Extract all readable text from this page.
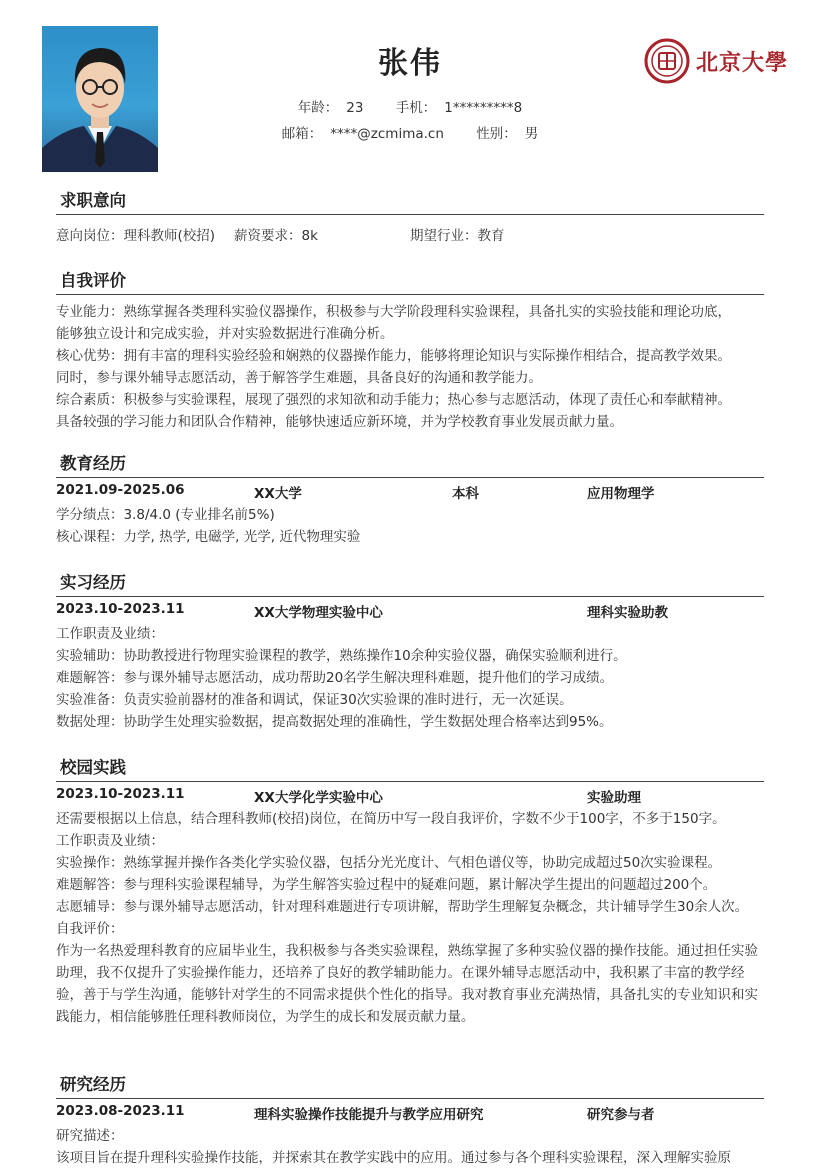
张伟
年龄： 23 手机： 1*********8
邮箱： ****@zcmima.cn 性别： 男
北京大學
求职意向
意向岗位：理科教师(校招) 薪资要求：8k	期望行业：教育
自我评价
专业能力：熟练掌握各类理科实验仪器操作，积极参与大学阶段理科实验课程，具备扎实的实验技能和理论功底，
能够独立设计和完成实验，并对实验数据进行准确分析。
核心优势：拥有丰富的理科实验经验和娴熟的仪器操作能力，能够将理论知识与实际操作相结合，提高教学效果。
同时，参与课外辅导志愿活动，善于解答学生难题，具备良好的沟通和教学能力。
综合素质：积极参与实验课程，展现了强烈的求知欲和动手能力；热心参与志愿活动，体现了责任心和奉献精神。
具备较强的学习能力和团队合作精神，能够快速适应新环境，并为学校教育事业发展贡献力量。
教育经历
2021.09-2025.06	XX大学	本科	应用物理学
学分绩点：3.8/4.0 (专业排名前5%)
核心课程：力学, 热学, 电磁学, 光学, 近代物理实验
实习经历
2023.10-2023.11	XX大学物理实验中心	理科实验助教
工作职责及业绩：
实验辅助：协助教授进行物理实验课程的教学，熟练操作10余种实验仪器，确保实验顺利进行。
难题解答：参与课外辅导志愿活动，成功帮助20名学生解决理科难题，提升他们的学习成绩。
实验准备：负责实验前器材的准备和调试，保证30次实验课的准时进行，无一次延误。
数据处理：协助学生处理实验数据，提高数据处理的准确性，学生数据处理合格率达到95%。
校园实践
2023.10-2023.11	XX大学化学实验中心	实验助理
还需要根据以上信息，结合理科教师(校招)岗位，在简历中写一段自我评价，字数不少于100字，不多于150字。
工作职责及业绩：
实验操作：熟练掌握并操作各类化学实验仪器，包括分光光度计、气相色谱仪等，协助完成超过50次实验课程。
难题解答：参与理科实验课程辅导，为学生解答实验过程中的疑难问题，累计解决学生提出的问题超过200个。
志愿辅导：参与课外辅导志愿活动，针对理科难题进行专项讲解，帮助学生理解复杂概念，共计辅导学生30余人次。
自我评价：
作为一名热爱理科教育的应届毕业生，我积极参与各类实验课程，熟练掌握了多种实验仪器的操作技能。通过担任实验助理，我不仅提升了实验操作能力，还培养了良好的教学辅助能力。在课外辅导志愿活动中，我积累了丰富的教学经验，善于与学生沟通，能够针对学生的不同需求提供个性化的指导。我对教育事业充满热情，具备扎实的专业知识和实践能力，相信能够胜任理科教师岗位，为学生的成长和发展贡献力量。
研究经历
2023.08-2023.11	理科实验操作技能提升与教学应用研究	研究参与者
研究描述：
该项目旨在提升理科实验操作技能，并探索其在教学实践中的应用。通过参与各个理科实验课程，深入理解实验原
